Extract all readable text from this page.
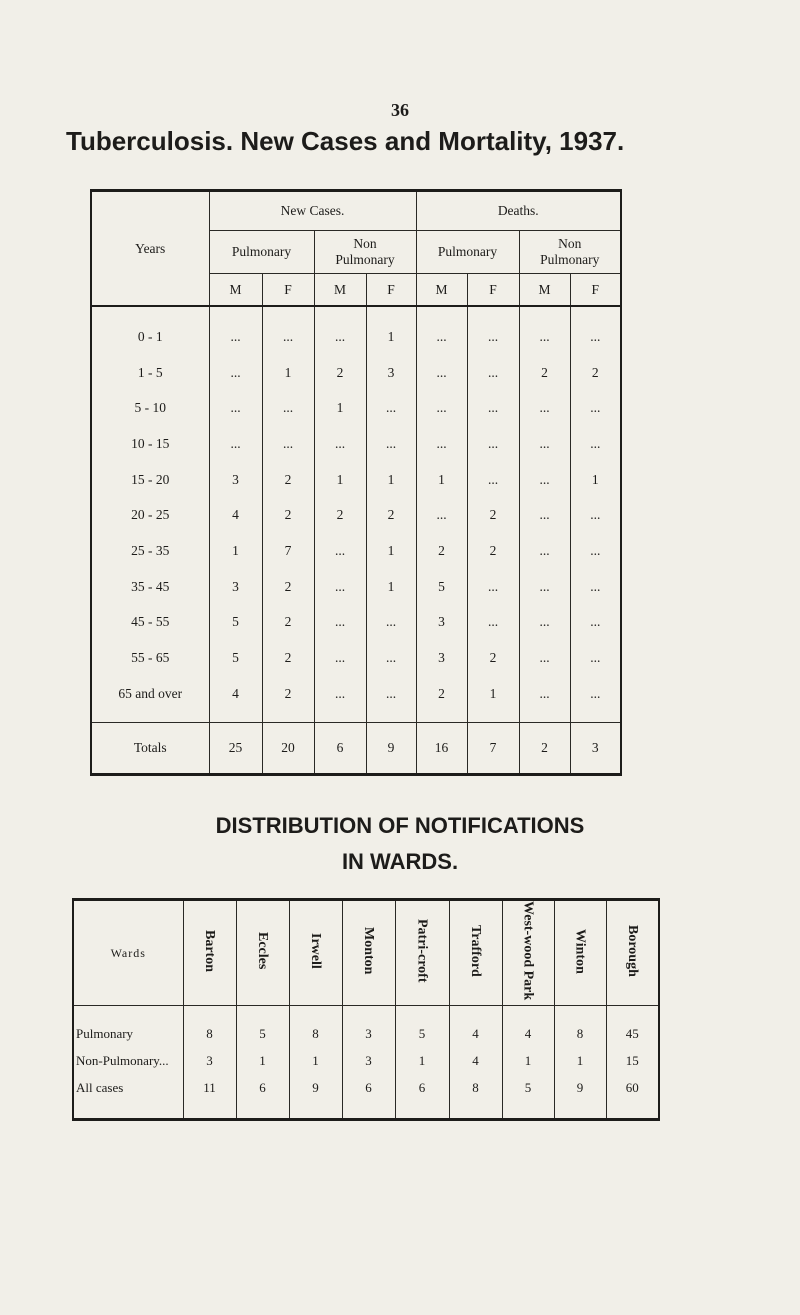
36
Tuberculosis. New Cases and Mortality, 1937.
Years	New Cases.				Deaths.			
	Pulmonary		Non
Pulmonary		Pulmonary		Non
Pulmonary	
	M	F	M	F	M	F	M	F

0 - 1	...	...	...	1	...	...	...	...
1 - 5	...	1	2	3	...	...	2	2
5 - 10	...	...	1	...	...	...	...	...
10 - 15	...	...	...	...	...	...	...	...
15 - 20	3	2	1	1	1	...	...	1
20 - 25	4	2	2	2	...	2	...	...
25 - 35	1	7	...	1	2	2	...	...
35 - 45	3	2	...	1	5	...	...	...
45 - 55	5	2	...	...	3	...	...	...
55 - 65	5	2	...	...	3	2	...	...
65 and over	4	2	...	...	2	1	...	...

Totals	25	20	6	9	16	7	2	3
DISTRIBUTION OF NOTIFICATIONS
IN WARDS.
Wards	Barton	Eccles	Irwell	Monton	Patri-croft	Trafford	West-wood Park	Winton	Borough

Pulmonary	8	5	8	3	5	4	4	8	45
Non-Pulmonary...	3	1	1	3	1	4	1	1	15
All cases	11	6	9	6	6	8	5	9	60
